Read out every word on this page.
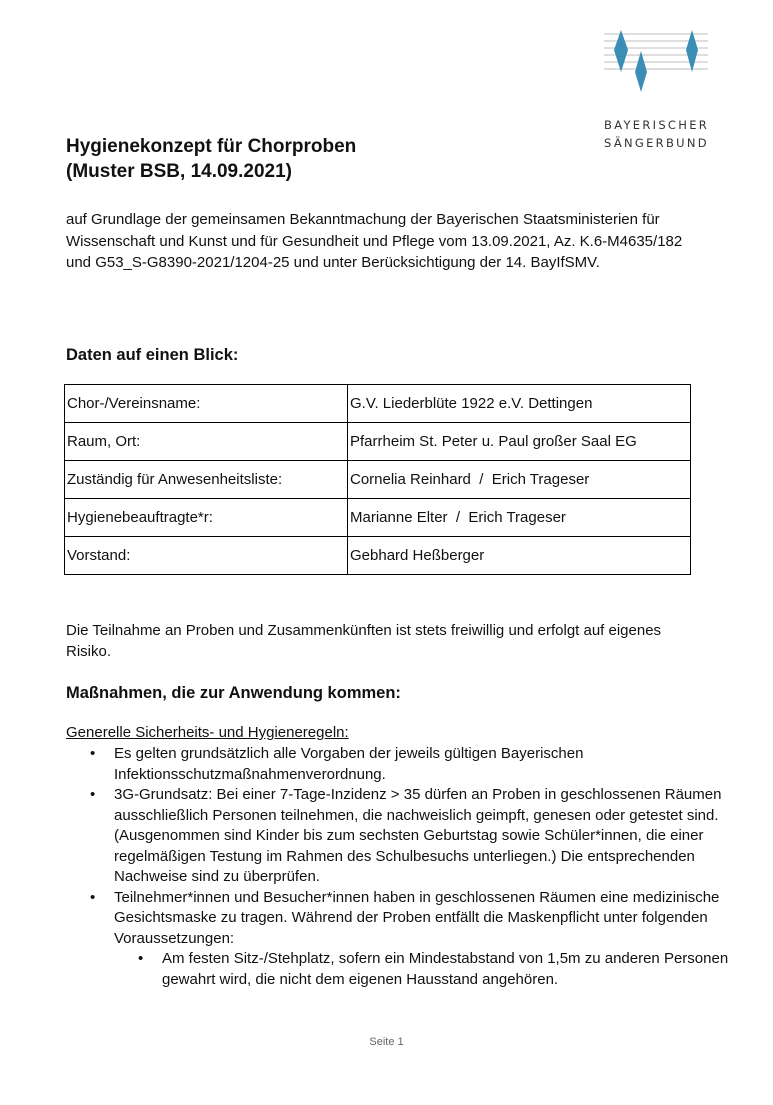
BAYERISCHER
SÄNGERBUND
Hygienekonzept für Chorproben
(Muster BSB, 14.09.2021)
auf Grundlage der gemeinsamen Bekanntmachung der Bayerischen Staatsministerien für Wissenschaft und Kunst und für Gesundheit und Pflege vom 13.09.2021, Az. K.6-M4635/182 und G53_S-G8390-2021/1204-25 und unter Berücksichtigung der 14. BayIfSMV.
Daten auf einen Blick:
Chor-/Vereinsname:	G.V. Liederblüte 1922 e.V. Dettingen
Raum, Ort:	Pfarrheim St. Peter u. Paul großer Saal EG
Zuständig für Anwesenheitsliste:	Cornelia Reinhard  /  Erich Trageser
Hygienebeauftragte*r:	Marianne Elter  /  Erich Trageser
Vorstand:	Gebhard Heßberger
Die Teilnahme an Proben und Zusammenkünften ist stets freiwillig und erfolgt auf eigenes Risiko.
Maßnahmen, die zur Anwendung kommen:
Generelle Sicherheits- und Hygieneregeln:
• Es gelten grundsätzlich alle Vorgaben der jeweils gültigen Bayerischen Infektionsschutzmaßnahmenverordnung.
• 3G-Grundsatz: Bei einer 7-Tage-Inzidenz > 35 dürfen an Proben in geschlossenen Räumen ausschließlich Personen teilnehmen, die nachweislich geimpft, genesen oder getestet sind. (Ausgenommen sind Kinder bis zum sechsten Geburtstag sowie Schüler*innen, die einer regelmäßigen Testung im Rahmen des Schulbesuchs unterliegen.) Die entsprechenden Nachweise sind zu überprüfen.
• Teilnehmer*innen und Besucher*innen haben in geschlossenen Räumen eine medizinische Gesichtsmaske zu tragen. Während der Proben entfällt die Maskenpflicht unter folgenden Voraussetzungen:
• Am festen Sitz-/Stehplatz, sofern ein Mindestabstand von 1,5m zu anderen Personen gewahrt wird, die nicht dem eigenen Hausstand angehören.
Seite 1
